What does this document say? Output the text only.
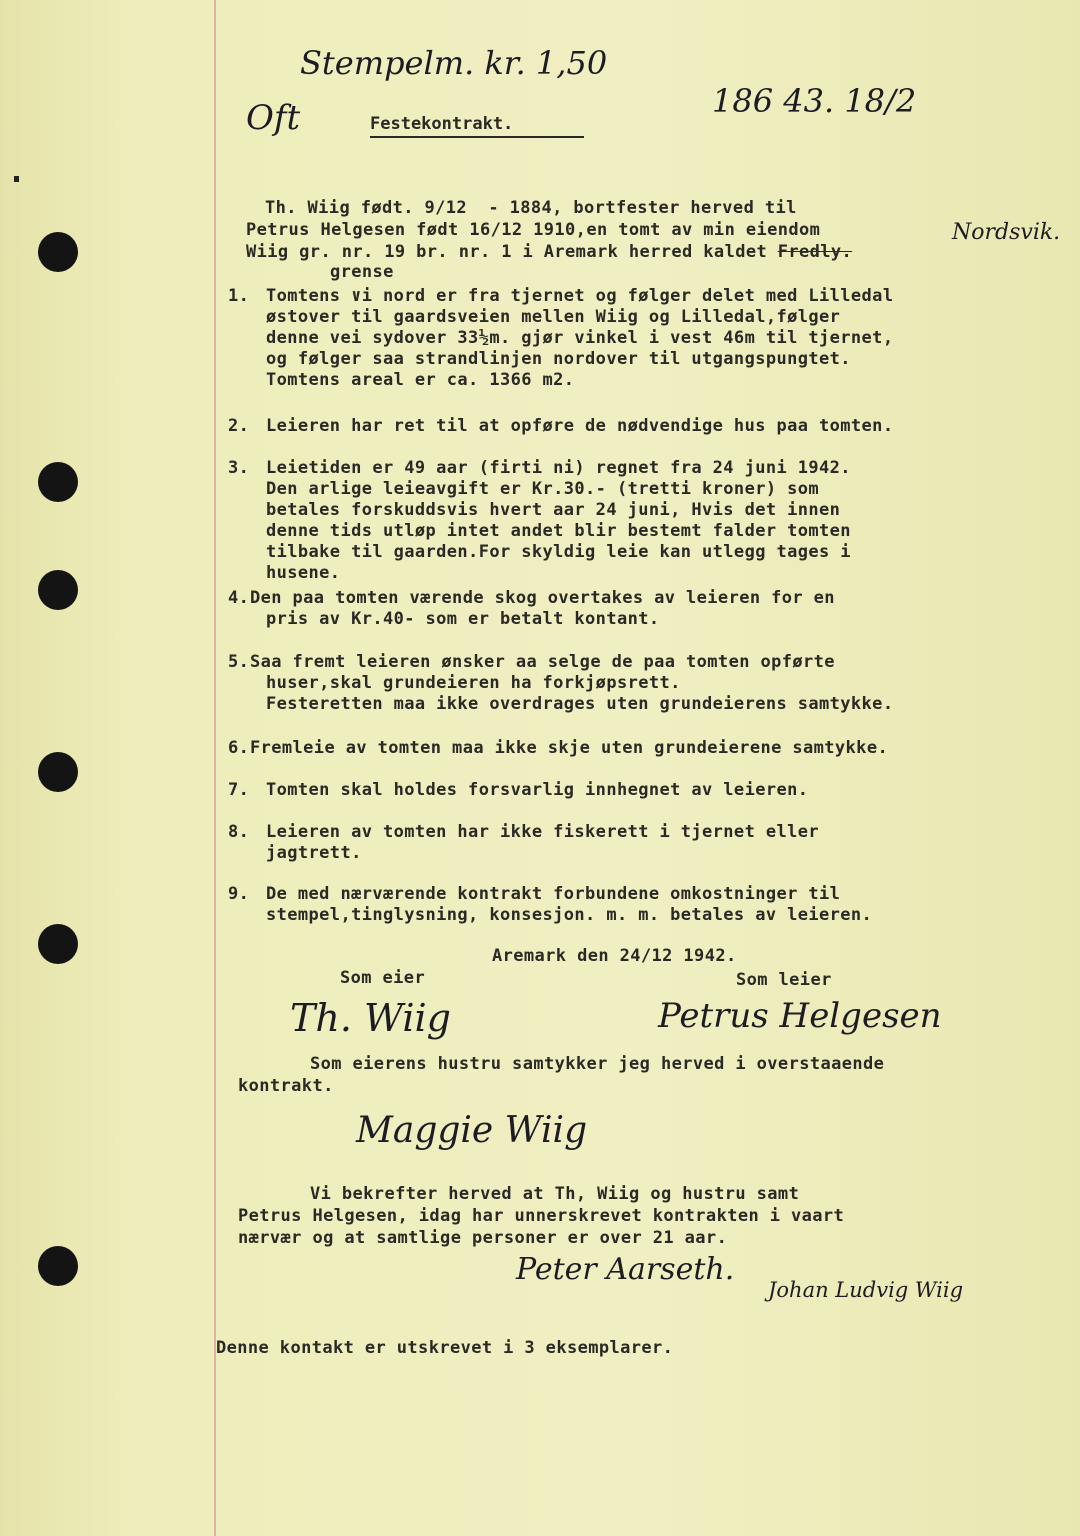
Oft
Stempelm. kr. 1,50
Festekontrakt.
186 43. 18/2
Th. Wiig født. 9/12  - 1884, bortfester herved til
Petrus Helgesen født 16/12 1910,en tomt av min eiendom
Wiig gr. nr. 19 br. nr. 1 i Aremark herred kaldet Fredly.
Nordsvik.
grense
1. Tomtens ∨i nord er fra tjernet og følger delet med Lilledal
østover til gaardsveien mellen Wiig og Lilledal,følger
denne vei sydover 33½m. gjør vinkel i vest 46m til tjernet,
og følger saa strandlinjen nordover til utgangspungtet.
Tomtens areal er ca. 1366 m2.
2. Leieren har ret til at opføre de nødvendige hus paa tomten.
3. Leietiden er 49 aar (firti ni) regnet fra 24 juni 1942.
Den arlige leieavgift er Kr.30.- (tretti kroner) som
betales forskuddsvis hvert aar 24 juni, Hvis det innen
denne tids utløp intet andet blir bestemt falder tomten
tilbake til gaarden.For skyldig leie kan utlegg tages i
husene.
4. Den paa tomten værende skog overtakes av leieren for en
pris av Kr.40- som er betalt kontant.
5. Saa fremt leieren ønsker aa selge de paa tomten opførte
huser,skal grundeieren ha forkjøpsrett.
Festeretten maa ikke overdrages uten grundeierens samtykke.
6. Fremleie av tomten maa ikke skje uten grundeierene samtykke.
7. Tomten skal holdes forsvarlig innhegnet av leieren.
8. Leieren av tomten har ikke fiskerett i tjernet eller
jagtrett.
9. De med nærværende kontrakt forbundene omkostninger til
stempel,tinglysning, konsesjon. m. m. betales av leieren.
Aremark den 24/12 1942.
Som eier	Som leier
Th. Wiig	Petrus Helgesen
Som eierens hustru samtykker jeg herved i overstaaende
kontrakt.
Maggie Wiig
Vi bekrefter herved at Th, Wiig og hustru samt
Petrus Helgesen, idag har unnerskrevet kontrakten i vaart
nærvær og at samtlige personer er over 21 aar.
Peter Aarseth.
Johan Ludvig Wiig
Denne kontakt er utskrevet i 3 eksemplarer.
